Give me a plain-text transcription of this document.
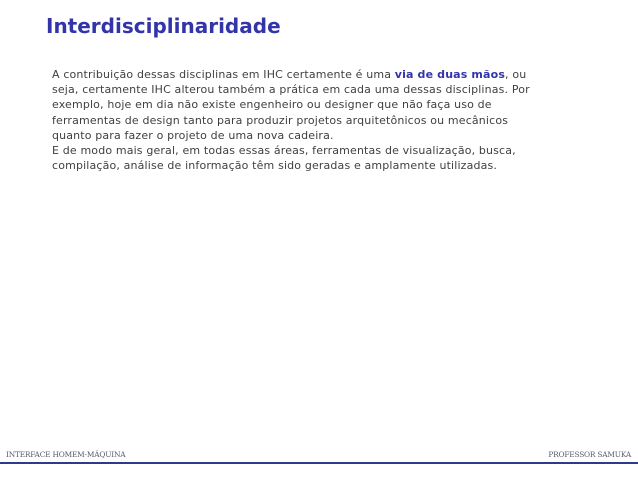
Interdisciplinaridade

A contribuição dessas disciplinas em IHC certamente é uma via de duas mãos, ou
seja, certamente IHC alterou também a prática em cada uma dessas disciplinas. Por
exemplo, hoje em dia não existe engenheiro ou designer que não faça uso de
ferramentas de design tanto para produzir projetos arquitetônicos ou mecânicos
quanto para fazer o projeto de uma nova cadeira.

E de modo mais geral, em todas essas áreas, ferramentas de visualização, busca,
compilação, análise de informação têm sido geradas e amplamente utilizadas.

INTERFACE HOMEM-MÁQUINA	PROFESSOR SAMUKA
